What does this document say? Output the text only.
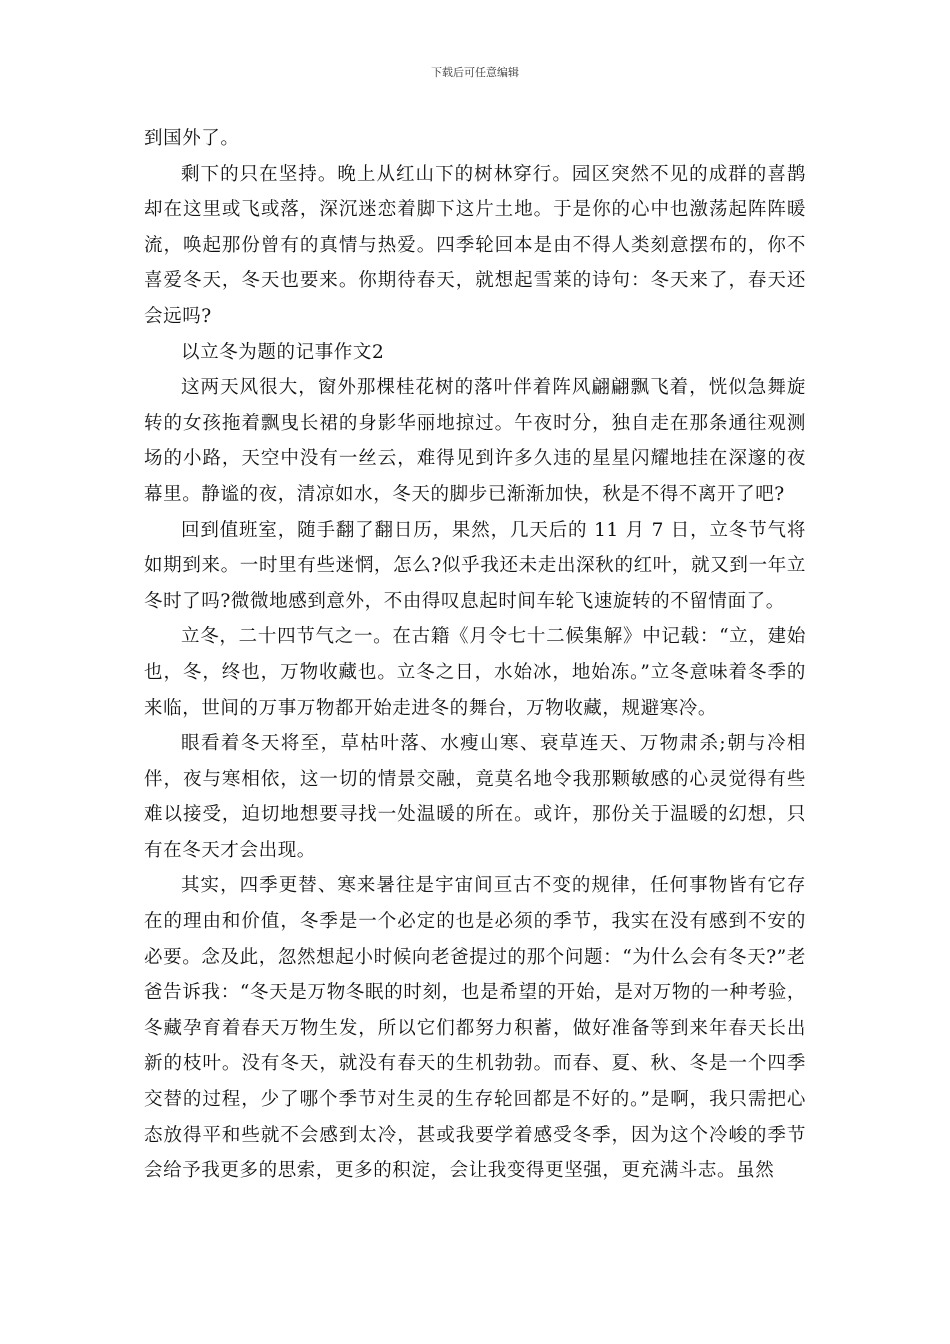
下载后可任意编辑

到国外了。

剩下的只在坚持。晚上从红山下的树林穿行。园区突然不见的成群的喜鹊却在这里或飞或落，深沉迷恋着脚下这片土地。于是你的心中也激荡起阵阵暖流，唤起那份曾有的真情与热爱。四季轮回本是由不得人类刻意摆布的，你不喜爱冬天，冬天也要来。你期待春天，就想起雪莱的诗句：冬天来了，春天还会远吗?

以立冬为题的记事作文2

这两天风很大，窗外那棵桂花树的落叶伴着阵风翩翩飘飞着，恍似急舞旋转的女孩拖着飘曳长裙的身影华丽地掠过。午夜时分，独自走在那条通往观测场的小路，天空中没有一丝云，难得见到许多久违的星星闪耀地挂在深邃的夜幕里。静谧的夜，清凉如水，冬天的脚步已渐渐加快，秋是不得不离开了吧?

回到值班室，随手翻了翻日历，果然，几天后的 11 月 7 日，立冬节气将如期到来。一时里有些迷惘，怎么?似乎我还未走出深秋的红叶，就又到一年立冬时了吗?微微地感到意外，不由得叹息起时间车轮飞速旋转的不留情面了。

立冬，二十四节气之一。在古籍《月令七十二候集解》中记载：“立，建始也，冬，终也，万物收藏也。立冬之日，水始冰，地始冻。”立冬意味着冬季的来临，世间的万事万物都开始走进冬的舞台，万物收藏，规避寒冷。

眼看着冬天将至，草枯叶落、水瘦山寒、衰草连天、万物肃杀;朝与冷相伴，夜与寒相依，这一切的情景交融，竟莫名地令我那颗敏感的心灵觉得有些难以接受，迫切地想要寻找一处温暖的所在。或许，那份关于温暖的幻想，只有在冬天才会出现。

其实，四季更替、寒来暑往是宇宙间亘古不变的规律，任何事物皆有它存在的理由和价值，冬季是一个必定的也是必须的季节，我实在没有感到不安的必要。念及此，忽然想起小时候向老爸提过的那个问题：“为什么会有冬天?”老爸告诉我：“冬天是万物冬眠的时刻，也是希望的开始，是对万物的一种考验，冬藏孕育着春天万物生发，所以它们都努力积蓄，做好准备等到来年春天长出新的枝叶。没有冬天，就没有春天的生机勃勃。而春、夏、秋、冬是一个四季交替的过程，少了哪个季节对生灵的生存轮回都是不好的。”是啊，我只需把心态放得平和些就不会感到太冷，甚或我要学着感受冬季，因为这个冷峻的季节会给予我更多的思索，更多的积淀，会让我变得更坚强，更充满斗志。虽然
